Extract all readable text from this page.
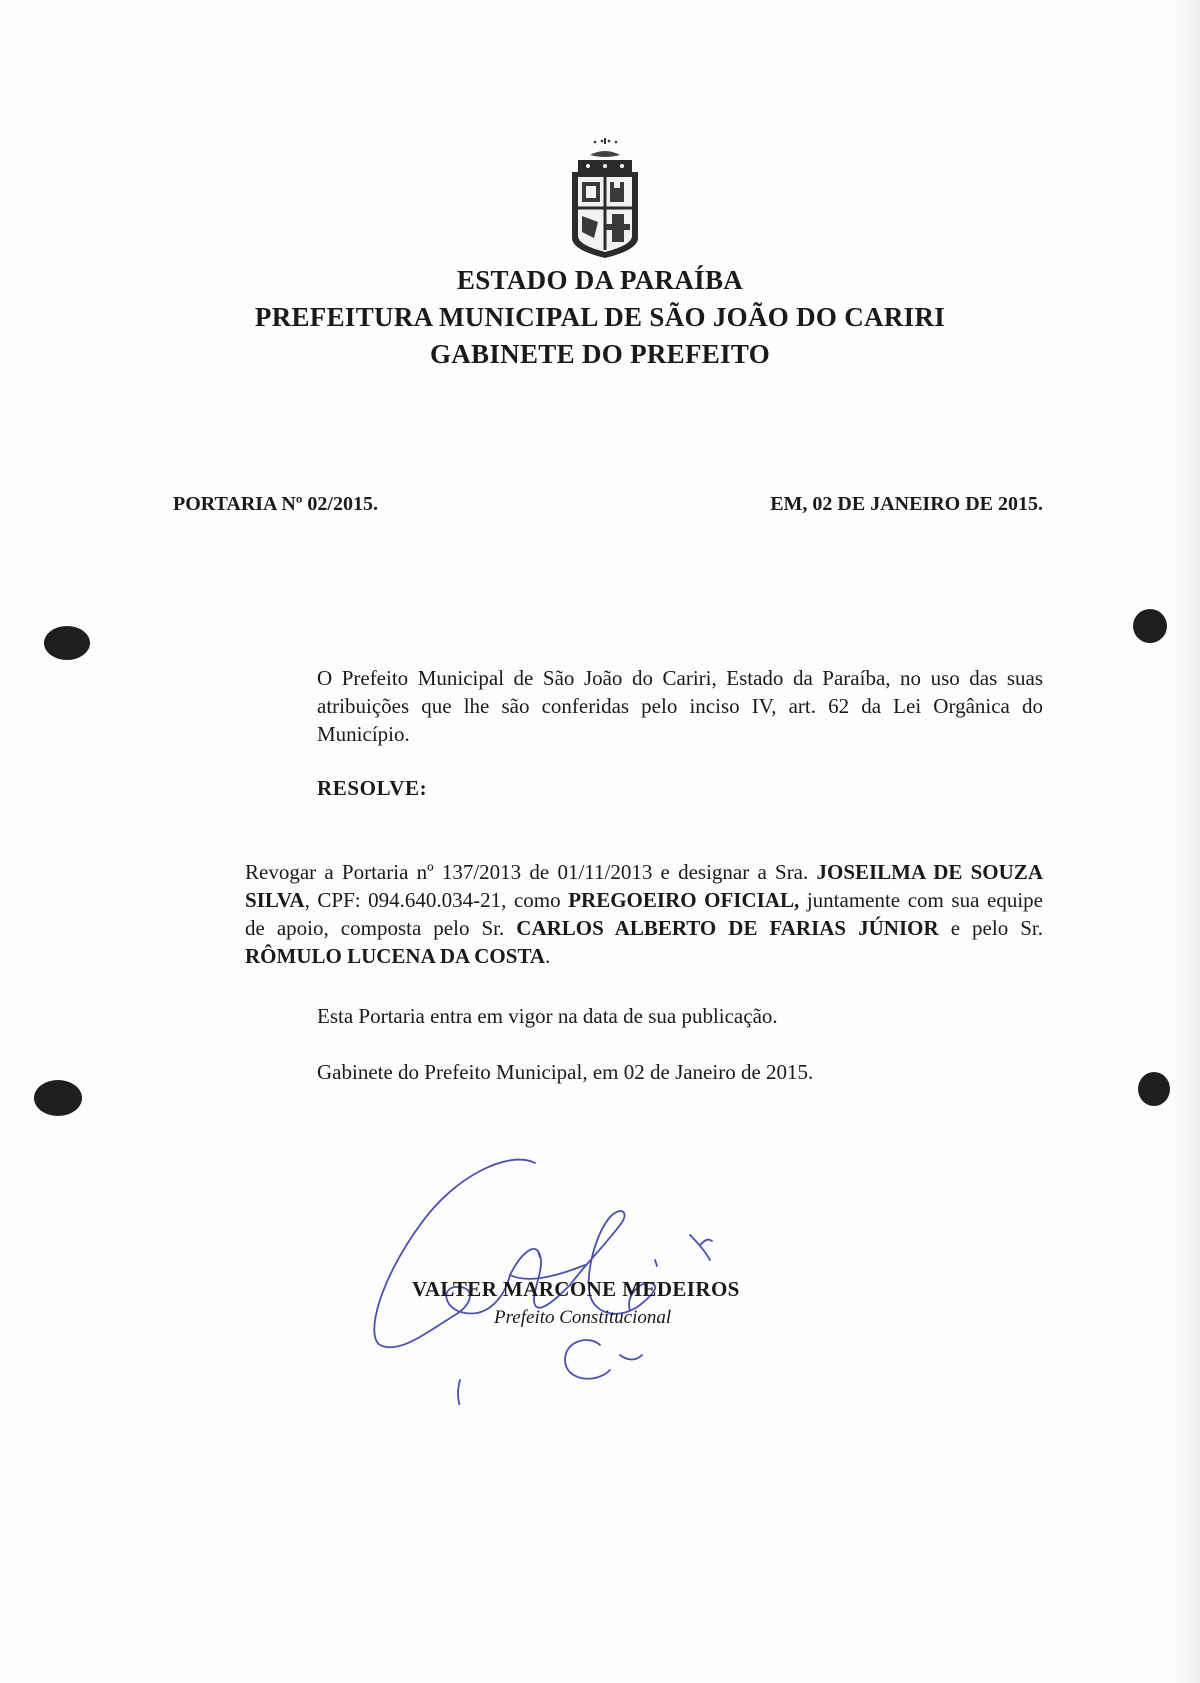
ESTADO DA PARAÍBA
PREFEITURA MUNICIPAL DE SÃO JOÃO DO CARIRI
GABINETE DO PREFEITO
PORTARIA Nº 02/2015.	EM, 02 DE JANEIRO DE 2015.
O Prefeito Municipal de São João do Cariri, Estado da Paraíba, no uso das suas atribuições que lhe são conferidas pelo inciso IV, art. 62 da Lei Orgânica do Município.
RESOLVE:
Revogar a Portaria nº 137/2013 de 01/11/2013 e designar a Sra. JOSEILMA DE SOUZA SILVA, CPF: 094.640.034-21, como PREGOEIRO OFICIAL, juntamente com sua equipe de apoio, composta pelo Sr. CARLOS ALBERTO DE FARIAS JÚNIOR e pelo Sr. RÔMULO LUCENA DA COSTA.
Esta Portaria entra em vigor na data de sua publicação.
Gabinete do Prefeito Municipal, em 02 de Janeiro de 2015.
VALTER MARCONE MEDEIROS
Prefeito Constitucional
